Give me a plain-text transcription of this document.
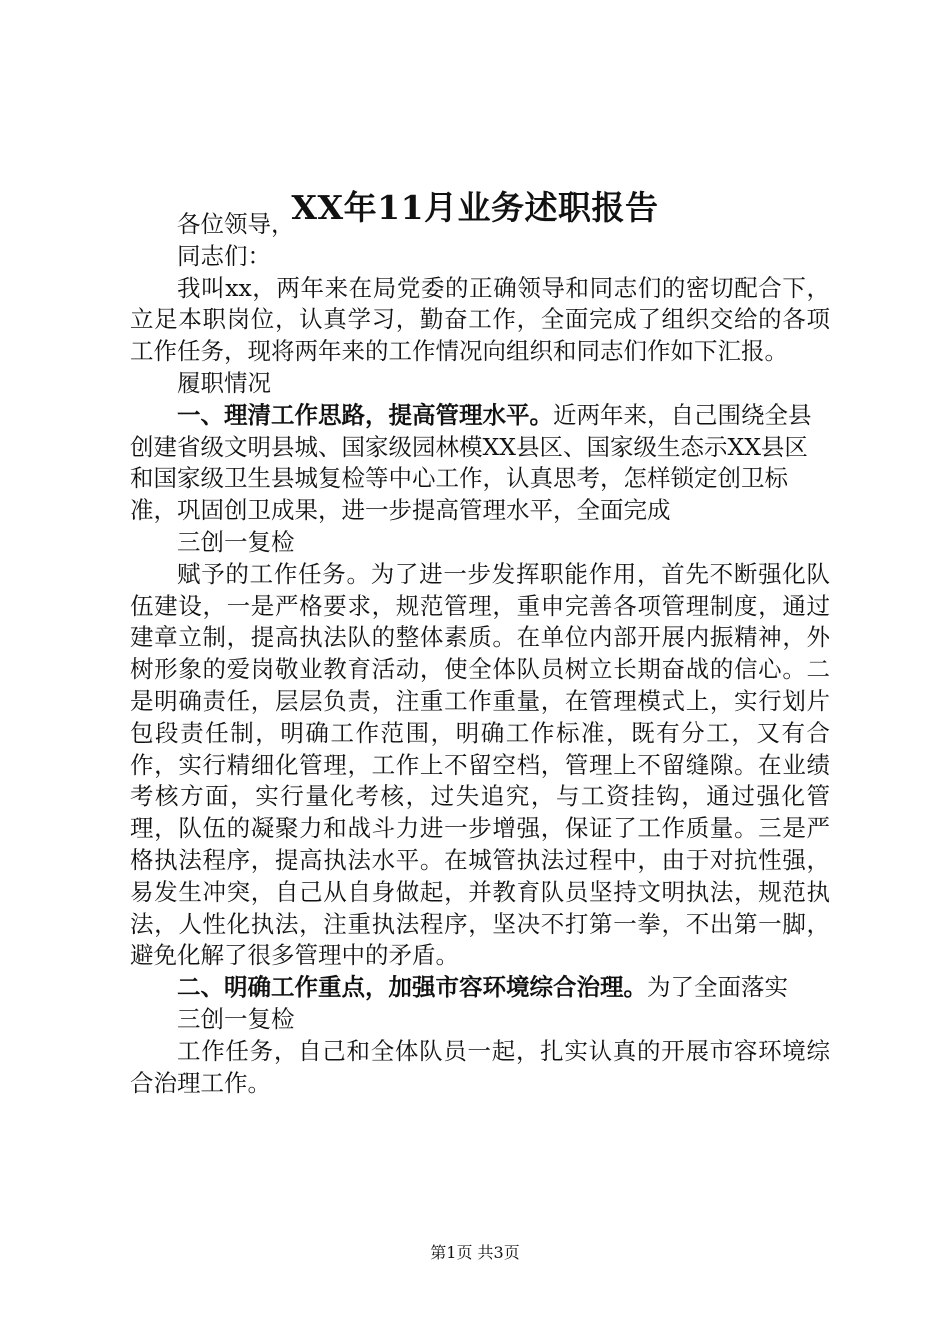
XX年11月业务述职报告

各位领导，

同志们：

我叫xx，两年来在局党委的正确领导和同志们的密切配合下，立足本职岗位，认真学习，勤奋工作，全面完成了组织交给的各项工作任务，现将两年来的工作情况向组织和同志们作如下汇报。

履职情况

一、理清工作思路，提高管理水平。近两年来，自己围绕全县创建省级文明县城、国家级园林模XX县区、国家级生态示XX县区和国家级卫生县城复检等中心工作，认真思考，怎样锁定创卫标准，巩固创卫成果，进一步提高管理水平，全面完成

三创一复检

赋予的工作任务。为了进一步发挥职能作用，首先不断强化队伍建设，一是严格要求，规范管理，重申完善各项管理制度，通过建章立制，提高执法队的整体素质。在单位内部开展内振精神，外树形象的爱岗敬业教育活动，使全体队员树立长期奋战的信心。二是明确责任，层层负责，注重工作重量，在管理模式上，实行划片包段责任制，明确工作范围，明确工作标准，既有分工，又有合作，实行精细化管理，工作上不留空档，管理上不留缝隙。在业绩考核方面，实行量化考核，过失追究，与工资挂钩，通过强化管理，队伍的凝聚力和战斗力进一步增强，保证了工作质量。三是严格执法程序，提高执法水平。在城管执法过程中，由于对抗性强，易发生冲突，自己从自身做起，并教育队员坚持文明执法，规范执法，人性化执法，注重执法程序，坚决不打第一拳，不出第一脚，避免化解了很多管理中的矛盾。

二、明确工作重点，加强市容环境综合治理。为了全面落实

三创一复检

工作任务，自己和全体队员一起，扎实认真的开展市容环境综合治理工作。

第1页 共3页
